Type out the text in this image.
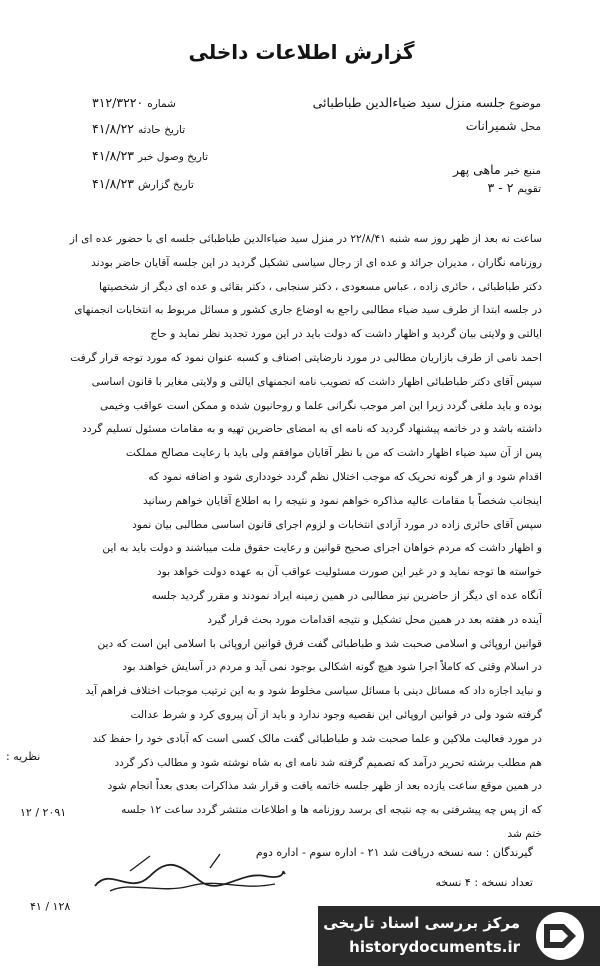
گزارش اطلاعات داخلی
شماره ۳۱۲/۳۲۲۰
تاریخ حادثه ۴۱/۸/۲۲
تاریخ وصول خبر ۴۱/۸/۲۳
تاریخ گزارش ۴۱/۸/۲۳
موضوع جلسه منزل سید ضیاءالدین طباطبائی
محل شمیرانات
منبع خبر ماهی پهر
تقویم ۲ - ۳

ساعت نه بعد از ظهر روز سه شنبه ۲۲/۸/۴۱ در منزل سید ضیاءالدین طباطبائی جلسه ای با حضور عده ای از

روزنامه نگاران ، مدیران جرائد و عده ای از رجال سیاسی تشکیل گردید در این جلسه آقایان حاضر بودند

دکتر طباطبائی ، حائری زاده ، عباس مسعودی ، دکتر سنجابی ، دکتر بقائی و عده ای دیگر از شخصیتها

در جلسه ابتدا از طرف سید ضیاء مطالبی راجع به اوضاع جاری کشور و مسائل مربوط به انتخابات انجمنهای

ایالتی و ولایتی بیان گردید و اظهار داشت که دولت باید در این مورد تجدید نظر نماید و حاج

احمد نامی از طرف بازاریان مطالبی در مورد نارضایتی اصناف و کسبه عنوان نمود که مورد توجه قرار گرفت

سپس آقای دکتر طباطبائی اظهار داشت که تصویب نامه انجمنهای ایالتی و ولایتی مغایر با قانون اساسی

بوده و باید ملغی گردد زیرا این امر موجب نگرانی علما و روحانیون شده و ممکن است عواقب وخیمی

داشته باشد و در خاتمه پیشنهاد گردید که نامه ای به امضای حاضرین تهیه و به مقامات مسئول تسلیم گردد

پس از آن سید ضیاء اظهار داشت که من با نظر آقایان موافقم ولی باید با رعایت مصالح مملکت

اقدام شود و از هر گونه تحریک که موجب اختلال نظم گردد خودداری شود و اضافه نمود که

اینجانب شخصاً با مقامات عالیه مذاکره خواهم نمود و نتیجه را به اطلاع آقایان خواهم رسانید

سپس آقای حائری زاده در مورد آزادی انتخابات و لزوم اجرای قانون اساسی مطالبی بیان نمود

و اظهار داشت که مردم خواهان اجرای صحیح قوانین و رعایت حقوق ملت میباشند و دولت باید به این

خواسته ها توجه نماید و در غیر این صورت مسئولیت عواقب آن به عهده دولت خواهد بود

آنگاه عده ای دیگر از حاضرین نیز مطالبی در همین زمینه ایراد نمودند و مقرر گردید جلسه

آینده در هفته بعد در همین محل تشکیل و نتیجه اقدامات مورد بحث قرار گیرد

قوانین اروپائی و اسلامی صحبت شد و طباطبائی گفت فرق قوانین اروپائی با اسلامی این است که دین

در اسلام وقتی که کاملاً اجرا شود هیچ گونه اشکالی بوجود نمی آید و مردم در آسایش خواهند بود

و نباید اجازه داد که مسائل دینی با مسائل سیاسی مخلوط شود و به این ترتیب موجبات اختلاف فراهم آید

گرفته شود ولی در قوانین اروپائی این نقصیه وجود ندارد و باید از آن پیروی کرد و شرط عدالت

در مورد فعالیت ملاکین و علما صحبت شد و طباطبائی گفت مالک کسی است که آبادی خود را حفظ کند

هم مطلب برشته تحریر درآمد که تصمیم گرفته شد نامه ای به شاه نوشته شود و مطالب ذکر گردد

در همین موقع ساعت یازده بعد از ظهر جلسه خاتمه یافت و قرار شد مذاکرات بعدی بعداً انجام شود

که از پس چه پیشرفتی به چه نتیجه ای برسد روزنامه ها و اطلاعات منتشر گردد ساعت ۱۲ جلسه

ختم شد

نظریه :
۲۰۹۱ / ۱۲
گیرندگان : سه نسخه دریافت شد ۲۱ - اداره سوم - اداره دوم
تعداد نسخه : ۴ نسخه
۱۲۸ / ۴۱
مرکز بررسی اسناد تاریخی
historydocuments.ir
